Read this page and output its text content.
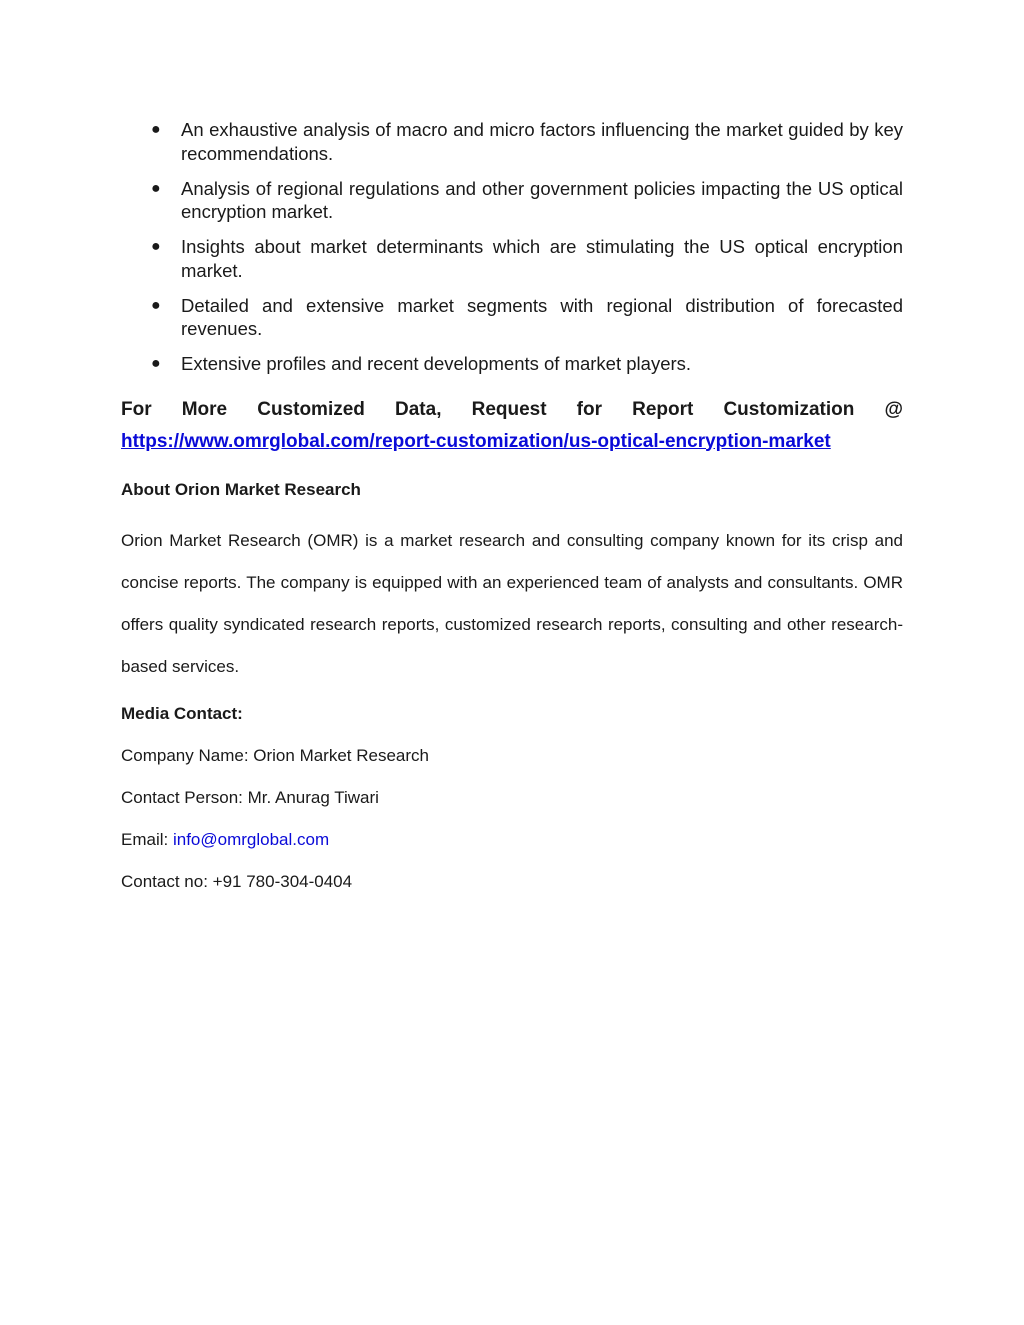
● An exhaustive analysis of macro and micro factors influencing the market guided by key recommendations.
● Analysis of regional regulations and other government policies impacting the US optical encryption market.
● Insights about market determinants which are stimulating the US optical encryption market.
● Detailed and extensive market segments with regional distribution of forecasted revenues.
● Extensive profiles and recent developments of market players.
For More Customized Data, Request for Report Customization @
https://www.omrglobal.com/report-customization/us-optical-encryption-market
About Orion Market Research

Orion Market Research (OMR) is a market research and consulting company known for its crisp and concise reports. The company is equipped with an experienced team of analysts and consultants. OMR offers quality syndicated research reports, customized research reports, consulting and other research-based services.

Media Contact:
Company Name: Orion Market Research
Contact Person: Mr. Anurag Tiwari
Email: info@omrglobal.com
Contact no: +91 780-304-0404
